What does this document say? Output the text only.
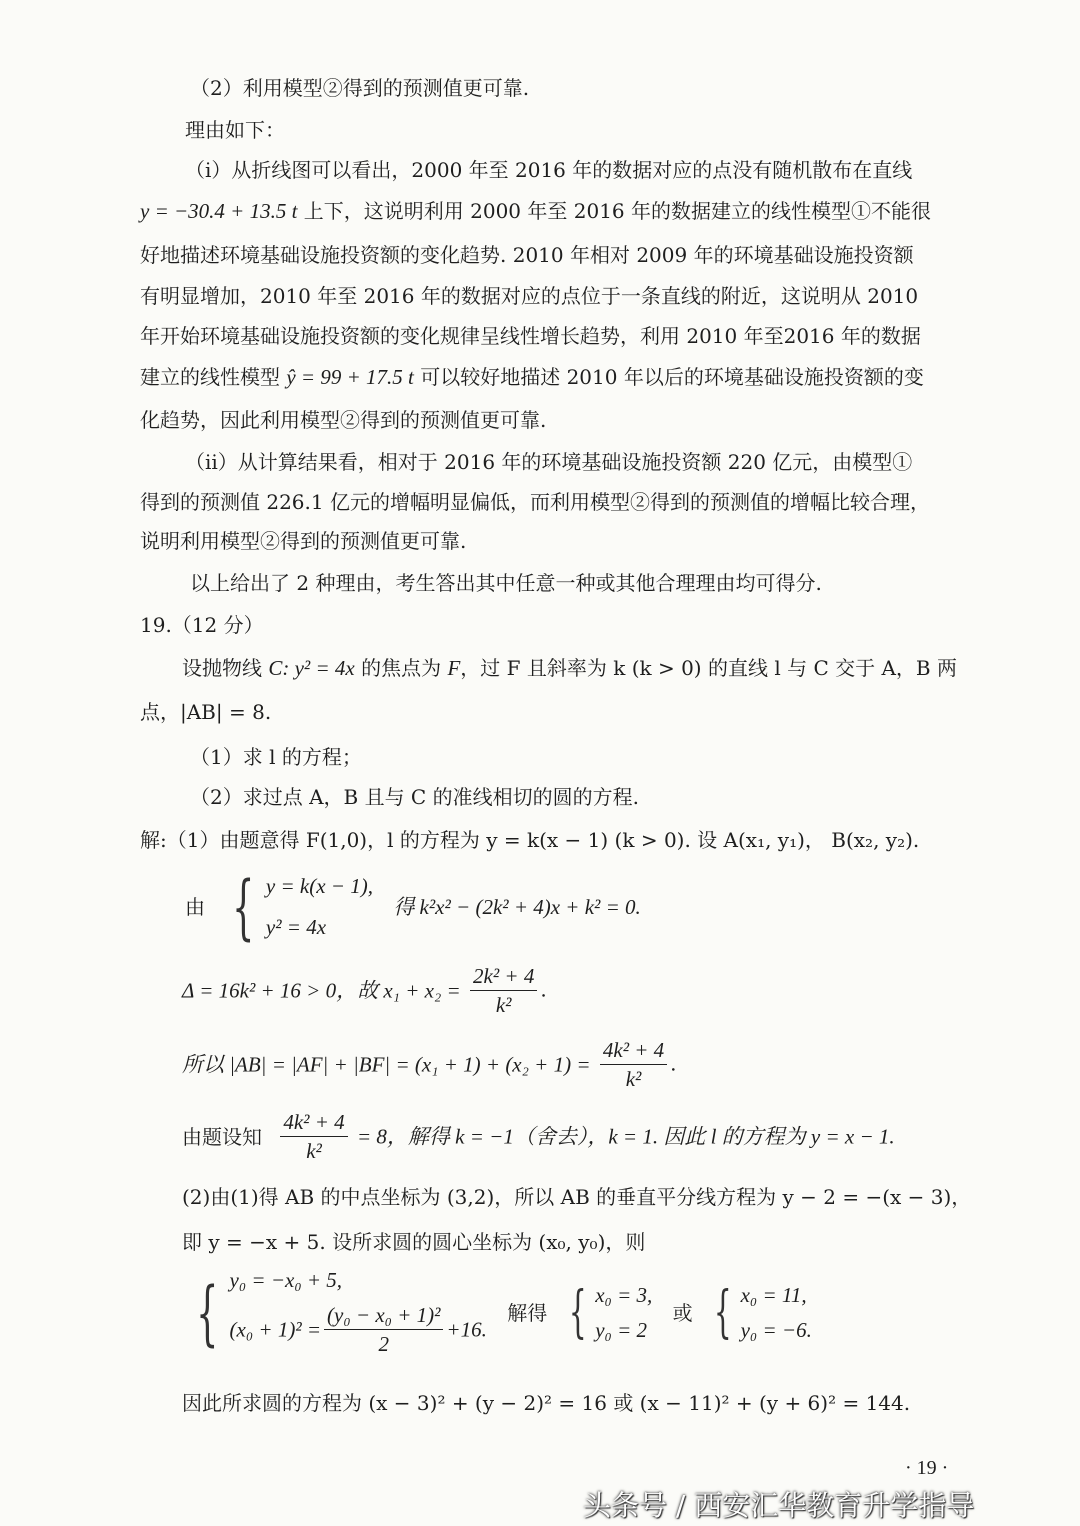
（2）利用模型②得到的预测值更可靠.
理由如下：
（ⅰ）从折线图可以看出，2000 年至 2016 年的数据对应的点没有随机散布在直线
y = −30.4 + 13.5 t 上下，这说明利用 2000 年至 2016 年的数据建立的线性模型①不能很
好地描述环境基础设施投资额的变化趋势. 2010 年相对 2009 年的环境基础设施投资额
有明显增加，2010 年至 2016 年的数据对应的点位于一条直线的附近，这说明从 2010
年开始环境基础设施投资额的变化规律呈线性增长趋势，利用 2010 年至2016 年的数据
建立的线性模型 ŷ = 99 + 17.5 t 可以较好地描述 2010 年以后的环境基础设施投资额的变
化趋势，因此利用模型②得到的预测值更可靠.
（ⅱ）从计算结果看，相对于 2016 年的环境基础设施投资额 220 亿元，由模型①
得到的预测值 226.1 亿元的增幅明显偏低，而利用模型②得到的预测值的增幅比较合理，
说明利用模型②得到的预测值更可靠.
以上给出了 2 种理由，考生答出其中任意一种或其他合理理由均可得分.
19.（12 分）
设抛物线 C: y² = 4x 的焦点为 F，过 F 且斜率为 k (k > 0) 的直线 l 与 C 交于 A，B 两
点，|AB| = 8.
（1）求 l 的方程；
（2）求过点 A，B 且与 C 的准线相切的圆的方程.
解:（1）由题意得 F(1,0)，l 的方程为 y = k(x − 1) (k > 0). 设 A(x₁, y₁)， B(x₂, y₂).
由 { y = k(x − 1),
y² = 4x
得 k²x² − (2k² + 4)x + k² = 0.
Δ = 16k² + 16 > 0，故 $x_1 + x_2 = \frac{\text{2k² + 4}}{\text{k²}}$ .
所以 $|AB| = |AF| + |BF| = (x_1 + 1) + (x_2 + 1) = \frac{\text{4k² + 4}}{\text{k²}}$ .
由题设知 $\frac{\text{4k² + 4}}{\text{k²}} = 8$，解得 k = −1（舍去），k = 1. 因此 l 的方程为 y = x − 1.
(2)由(1)得 AB 的中点坐标为 (3,2)，所以 AB 的垂直平分线方程为 y − 2 = −(x − 3)，
即 y = −x + 5. 设所求圆的圆心坐标为 (x₀, y₀)，则
{ y₀ = −x₀ + 5,
$(x_0 + 1)^2 = \frac{\text{(y₀ − x₀ + 1)²}}{2} +16$.
解得 { x₀ = 3,
y₀ = 2
或 { x₀ = 11,
y₀ = −6.
因此所求圆的方程为 (x − 3)² + (y − 2)² = 16 或 (x − 11)² + (y + 6)² = 144.
· 19 ·
头条号 / 西安汇华教育升学指导
